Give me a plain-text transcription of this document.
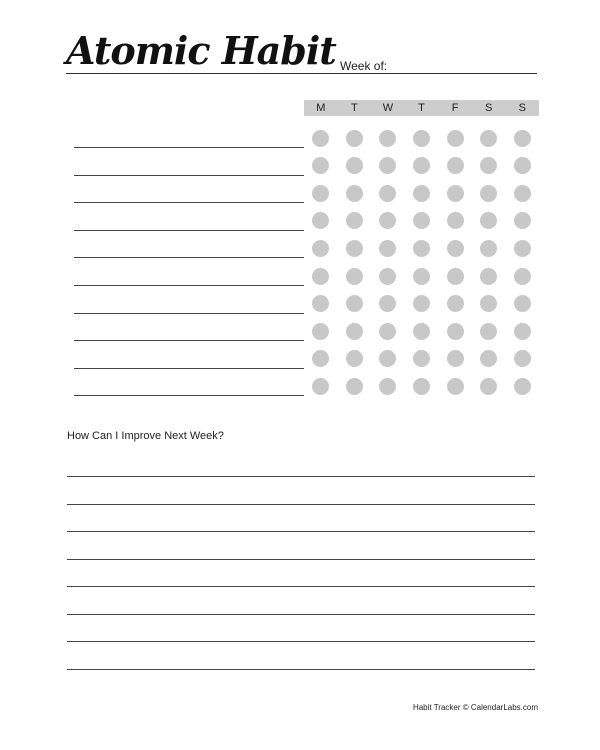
Atomic Habit Week of:
M	T	W	T	F	S	S
How Can I Improve Next Week?
Habit Tracker © CalendarLabs.com
